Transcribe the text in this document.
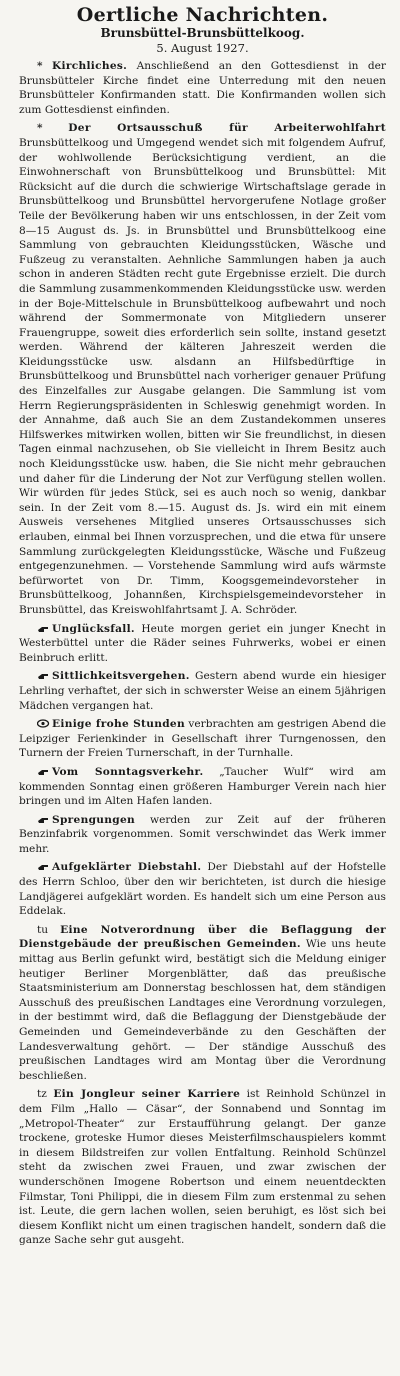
Oertliche Nachrichten.
Brunsbüttel-Brunsbüttelkoog.
5. August 1927.

* Kirchliches. Anschließend an den Gottesdienst in der Brunsbütteler Kirche findet eine Unterredung mit den neuen Brunsbütteler Konfirmanden statt. Die Konfirmanden wollen sich zum Gottesdienst einfinden.

* Der Ortsausschuß für Arbeiterwohlfahrt Brunsbüttelkoog und Umgegend wendet sich mit folgendem Aufruf, der wohlwollende Berücksichtigung verdient, an die Einwohnerschaft von Brunsbüttelkoog und Brunsbüttel: Mit Rücksicht auf die durch die schwierige Wirtschaftslage gerade in Brunsbüttelkoog und Brunsbüttel hervorgerufene Notlage großer Teile der Bevölkerung haben wir uns entschlossen, in der Zeit vom 8—15 August ds. Js. in Brunsbüttel und Brunsbüttelkoog eine Sammlung von gebrauchten Kleidungsstücken, Wäsche und Fußzeug zu veranstalten. Aehnliche Sammlungen haben ja auch schon in anderen Städten recht gute Ergebnisse erzielt. Die durch die Sammlung zusammenkommenden Kleidungsstücke usw. werden in der Boje-Mittelschule in Brunsbüttelkoog aufbewahrt und noch während der Sommermonate von Mitgliedern unserer Frauengruppe, soweit dies erforderlich sein sollte, instand gesetzt werden. Während der kälteren Jahreszeit werden die Kleidungsstücke usw. alsdann an Hilfsbedürftige in Brunsbüttelkoog und Brunsbüttel nach vorheriger genauer Prüfung des Einzelfalles zur Ausgabe gelangen. Die Sammlung ist vom Herrn Regierungspräsidenten in Schleswig genehmigt worden. In der Annahme, daß auch Sie an dem Zustandekommen unseres Hilfswerkes mitwirken wollen, bitten wir Sie freundlichst, in diesen Tagen einmal nachzusehen, ob Sie vielleicht in Ihrem Besitz auch noch Kleidungsstücke usw. haben, die Sie nicht mehr gebrauchen und daher für die Linderung der Not zur Verfügung stellen wollen. Wir würden für jedes Stück, sei es auch noch so wenig, dankbar sein. In der Zeit vom 8.—15. August ds. Js. wird ein mit einem Ausweis versehenes Mitglied unseres Ortsausschusses sich erlauben, einmal bei Ihnen vorzusprechen, und die etwa für unsere Sammlung zurückgelegten Kleidungsstücke, Wäsche und Fußzeug entgegenzunehmen. — Vorstehende Sammlung wird aufs wärmste befürwortet von Dr. Timm, Koogsgemeindevorsteher in Brunsbüttelkoog, Johannßen, Kirchspielsgemeindevorsteher in Brunsbüttel, das Kreiswohlfahrtsamt J. A. Schröder.

Unglücksfall. Heute morgen geriet ein junger Knecht in Westerbüttel unter die Räder seines Fuhrwerks, wobei er einen Beinbruch erlitt.

Sittlichkeitsvergehen. Gestern abend wurde ein hiesiger Lehrling verhaftet, der sich in schwerster Weise an einem 5jährigen Mädchen vergangen hat.

Einige frohe Stunden verbrachten am gestrigen Abend die Leipziger Ferienkinder in Gesellschaft ihrer Turngenossen, den Turnern der Freien Turnerschaft, in der Turnhalle.

Vom Sonntagsverkehr. „Taucher Wulf“ wird am kommenden Sonntag einen größeren Hamburger Verein nach hier bringen und im Alten Hafen landen.

Sprengungen werden zur Zeit auf der früheren Benzinfabrik vorgenommen. Somit verschwindet das Werk immer mehr.

Aufgeklärter Diebstahl. Der Diebstahl auf der Hofstelle des Herrn Schloo, über den wir berichteten, ist durch die hiesige Landjägerei aufgeklärt worden. Es handelt sich um eine Person aus Eddelak.

tu Eine Notverordnung über die Beflaggung der Dienstgebäude der preußischen Gemeinden. Wie uns heute mittag aus Berlin gefunkt wird, bestätigt sich die Meldung einiger heutiger Berliner Morgenblätter, daß das preußische Staatsministerium am Donnerstag beschlossen hat, dem ständigen Ausschuß des preußischen Landtages eine Verordnung vorzulegen, in der bestimmt wird, daß die Beflaggung der Dienstgebäude der Gemeinden und Gemeindeverbände zu den Geschäften der Landesverwaltung gehört. — Der ständige Ausschuß des preußischen Landtages wird am Montag über die Verordnung beschließen.

tz Ein Jongleur seiner Karriere ist Reinhold Schünzel in dem Film „Hallo — Cäsar“, der Sonnabend und Sonntag im „Metropol-Theater“ zur Erstaufführung gelangt. Der ganze trockene, groteske Humor dieses Meisterfilmschauspielers kommt in diesem Bildstreifen zur vollen Entfaltung. Reinhold Schünzel steht da zwischen zwei Frauen, und zwar zwischen der wunderschönen Imogene Robertson und einem neuentdeckten Filmstar, Toni Philippi, die in diesem Film zum erstenmal zu sehen ist. Leute, die gern lachen wollen, seien beruhigt, es löst sich bei diesem Konflikt nicht um einen tragischen handelt, sondern daß die ganze Sache sehr gut ausgeht.
